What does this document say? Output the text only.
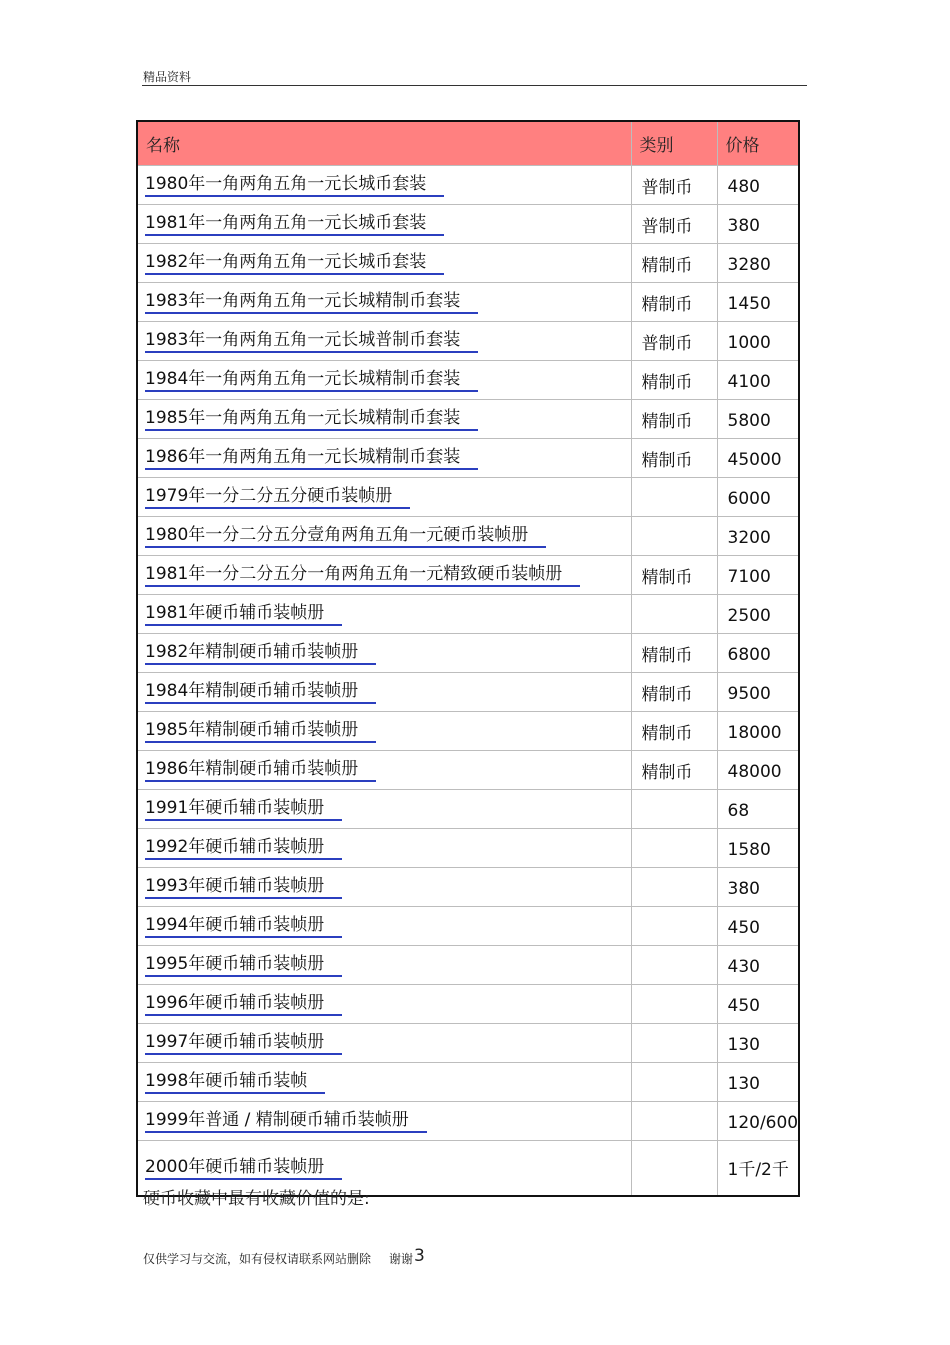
精品资料
名称	类别	价格
1980年一角两角五角一元长城币套装	普制币	480
1981年一角两角五角一元长城币套装	普制币	380
1982年一角两角五角一元长城币套装	精制币	3280
1983年一角两角五角一元长城精制币套装	精制币	1450
1983年一角两角五角一元长城普制币套装	普制币	1000
1984年一角两角五角一元长城精制币套装	精制币	4100
1985年一角两角五角一元长城精制币套装	精制币	5800
1986年一角两角五角一元长城精制币套装	精制币	45000
1979年一分二分五分硬币装帧册		6000
1980年一分二分五分壹角两角五角一元硬币装帧册		3200
1981年一分二分五分一角两角五角一元精致硬币装帧册	精制币	7100
1981年硬币辅币装帧册		2500
1982年精制硬币辅币装帧册	精制币	6800
1984年精制硬币辅币装帧册	精制币	9500
1985年精制硬币辅币装帧册	精制币	18000
1986年精制硬币辅币装帧册	精制币	48000
1991年硬币辅币装帧册		68
1992年硬币辅币装帧册		1580
1993年硬币辅币装帧册		380
1994年硬币辅币装帧册		450
1995年硬币辅币装帧册		430
1996年硬币辅币装帧册		450
1997年硬币辅币装帧册		130
1998年硬币辅币装帧		130
1999年普通 / 精制硬币辅币装帧册		120/600
2000年硬币辅币装帧册		1千/2千
硬币收藏中最有收藏价值的是:
仅供学习与交流，如有侵权请联系网站删除 谢谢 3
